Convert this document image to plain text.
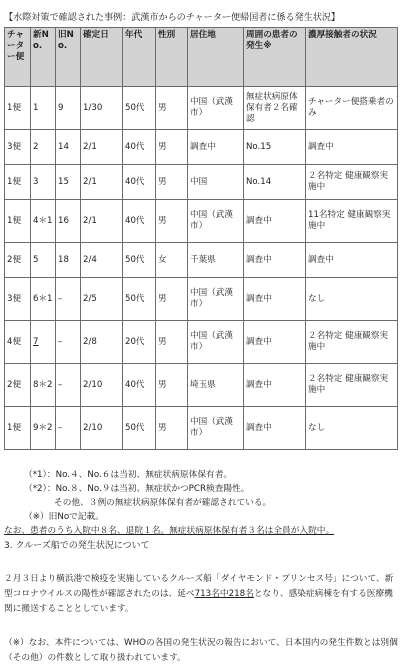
【水際対策で確認された事例：武漢市からのチャーター便帰国者に係る発生状況】
チャーター便	新No.	旧No.	確定日	年代	性別	居住地	周囲の患者の発生※	濃厚接触者の状況
1便	1	9	1/30	50代	男	中国（武漢市）	無症状病原体保有者２名確認	チャーター便搭乗者のみ
3便	2	14	2/1	40代	男	調査中	No.15	調査中
1便	3	15	2/1	40代	男	中国	No.14	２名特定 健康観察実施中
1便	4＊1	16	2/1	40代	男	中国（武漢市）	調査中	11名特定 健康観察実施中
2便	5	18	2/4	50代	女	千葉県	調査中	調査中
3便	6＊1	–	2/5	50代	男	中国（武漢市）	調査中	なし
4便	7	–	2/8	20代	男	中国（武漢市）	調査中	２名特定 健康観察実施中
2便	8＊2	–	2/10	40代	男	埼玉県	調査中	２名特定 健康観察実施中
1便	9＊2	–	2/10	50代	男	中国（武漢市）	調査中	なし
（*1）：No.４、No.６は当初、無症状病原体保有者。
（*2）：No.８、No.９は当初、無症状かつPCR検査陽性。
その他、３例の無症状病原体保有者が確認されている。
（※）旧Noで記載。
なお、患者のうち入院中８名、退院１名。無症状病原体保有者３名は全員が入院中。
3. クルーズ船での発生状況について
２月３日より横浜港で検疫を実施しているクルーズ船「ダイヤモンド・プリンセス号」について、新型コロナウイルスの陽性が確認されたのは、延べ713名中218名となり、感染症病棟を有する医療機関に搬送することとしています。
（※）なお、本件については、WHOの各国の発生状況の報告において、日本国内の発生件数とは別個（その他）の件数として取り扱われています。
